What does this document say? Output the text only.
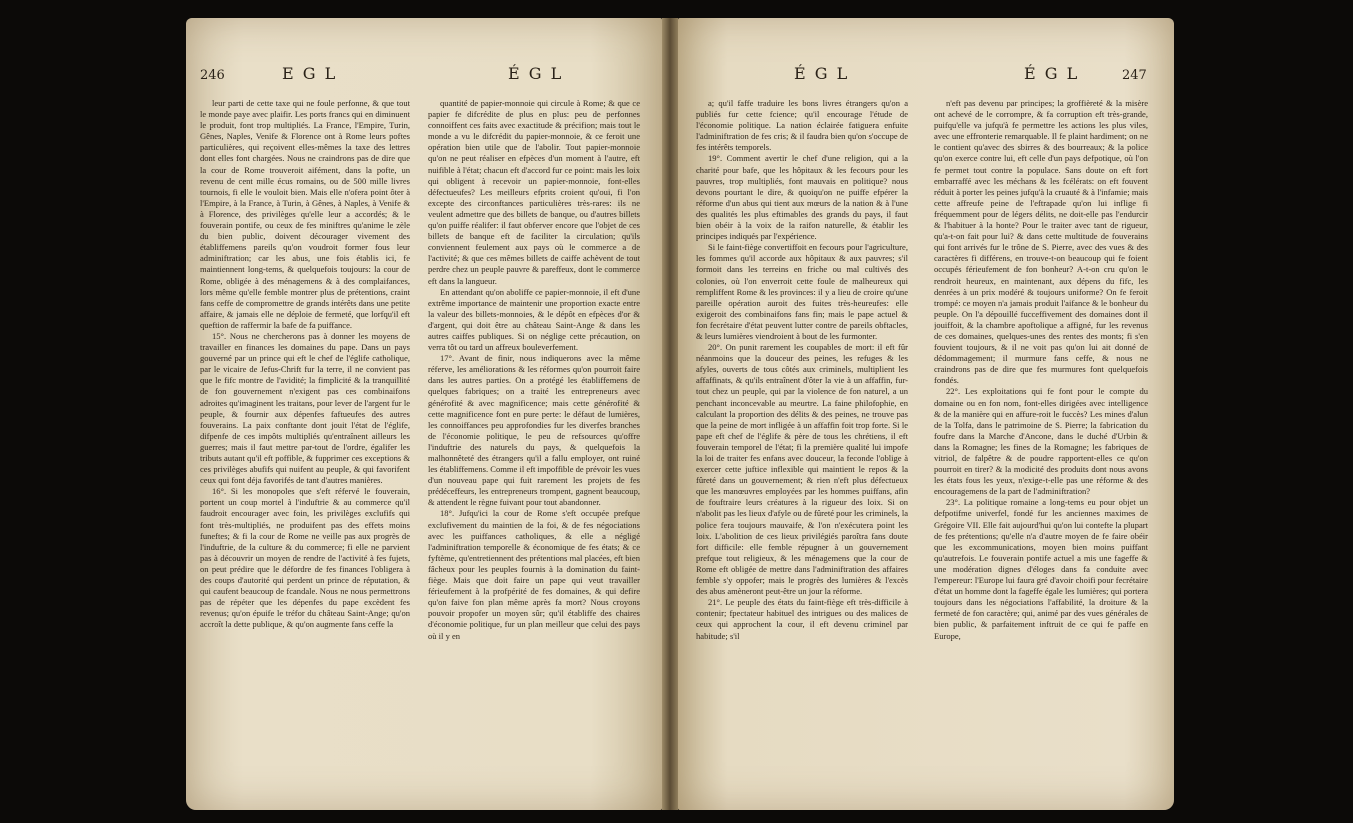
246	E G L	É G L

leur parti de cette taxe qui ne foule perfonne, & que tout le monde paye avec plaifir. Les ports francs qui en diminuent le produit, font trop multipliés. La France, l'Empire, Turin, Gênes, Naples, Venife & Florence ont à Rome leurs poftes particulières, qui reçoivent elles-mêmes la taxe des lettres dont elles font chargées. Nous ne craindrons pas de dire que la cour de Rome trouveroit aifément, dans la pofte, un revenu de cent mille écus romains, ou de 500 mille livres tournois, fi elle le vouloit bien. Mais elle n'ofera point ôter à l'Empire, à la France, à Turin, à Gênes, à Naples, à Venife & à Florence, des privilèges qu'elle leur a accordés; & le fouverain pontife, ou ceux de fes miniftres qu'anime le zèle du bien public, doivent décourager vivement des établiffemens pareils qu'on voudroit former fous leur adminiftration; car les abus, une fois établis ici, fe maintiennent long-tems, & quelquefois toujours: la cour de Rome, obligée à des ménagemens & à des complaifances, lors même qu'elle femble montrer plus de prétentions, craint fans ceffe de compromettre de grands intérêts dans une petite affaire, & jamais elle ne déploie de fermeté, que lorfqu'il eft queftion de raffermir la bafe de fa puiffance.

15°. Nous ne chercherons pas à donner les moyens de travailler en finances les domaines du pape. Dans un pays gouverné par un prince qui eft le chef de l'églife catholique, par le vicaire de Jefus-Chrift fur la terre, il ne convient pas que le fifc montre de l'avidité; la fimplicité & la tranquillité de fon gouvernement n'exigent pas ces combinaifons adroites qu'imaginent les traitans, pour lever de l'argent fur le peuple, & fournir aux dépenfes faftueufes des autres fouverains. La paix conftante dont jouit l'état de l'églife, difpenfe de ces impôts multipliés qu'entraînent ailleurs les guerres; mais il faut mettre par-tout de l'ordre, égalifer les tributs autant qu'il eft poffible, & fupprimer ces exceptions & ces privilèges abufifs qui nuifent au peuple, & qui favorifent ceux qui font déja favorifés de tant d'autres manières.

16°. Si les monopoles que s'eft réfervé le fouverain, portent un coup mortel à l'induftrie & au commerce qu'il faudroit encourager avec foin, les privilèges exclufifs qui font très-multipliés, ne produifent pas des effets moins funeftes; & fi la cour de Rome ne veille pas aux progrès de l'induftrie, de la culture & du commerce; fi elle ne parvient pas à découvrir un moyen de rendre de l'activité à fes fujets, on peut prédire que le défordre de fes finances l'obligera à des coups d'autorité qui perdent un prince de réputation, & qui caufent beaucoup de fcandale. Nous ne nous permettrons pas de répéter que les dépenfes du pape excèdent fes revenus; qu'on épuife le tréfor du château Saint-Ange; qu'on accroît la dette publique, & qu'on augmente fans ceffe la

quantité de papier-monnoie qui circule à Rome; & que ce papier fe difcrédite de plus en plus: peu de perfonnes connoiffent ces faits avec exactitude & précifion; mais tout le monde a vu le difcrédit du papier-monnoie, & ce feroit une opération bien utile que de l'abolir. Tout papier-monnoie qu'on ne peut réaliser en efpèces d'un moment à l'autre, eft nuifible à l'état; chacun eft d'accord fur ce point: mais les loix qui obligent à recevoir un papier-monnoie, font-elles défectueufes? Les meilleurs efprits croient qu'oui, fi l'on excepte des circonftances particulières très-rares: ils ne veulent admettre que des billets de banque, ou d'autres billets qu'on puiffe réalifer: il faut obferver encore que l'objet de ces billets de banque eft de faciliter la circulation; qu'ils conviennent feulement aux pays où le commerce a de l'activité; & que ces mêmes billets de caiffe achèvent de tout perdre chez un peuple pauvre & pareffeux, dont le commerce eft dans la langueur.

En attendant qu'on aboliffe ce papier-monnoie, il eft d'une extrême importance de maintenir une proportion exacte entre la valeur des billets-monnoies, & le dépôt en efpèces d'or & d'argent, qui doit être au château Saint-Ange & dans les autres caiffes publiques. Si on néglige cette précaution, on verra tôt ou tard un affreux bouleverfement.

17°. Avant de finir, nous indiquerons avec la même réferve, les améliorations & les réformes qu'on pourroit faire dans les autres parties. On a protégé les établiffemens de quelques fabriques; on a traité les entrepreneurs avec générofité & avec magnificence; mais cette générofité & cette magnificence font en pure perte: le défaut de lumières, les connoiffances peu approfondies fur les diverfes branches de l'économie politique, le peu de refsources qu'offre l'induftrie des naturels du pays, & quelquefois la malhonnêteté des étrangers qu'il a fallu employer, ont ruiné les établiffemens. Comme il eft impoffible de prévoir les vues d'un nouveau pape qui fuit rarement les projets de fes prédéceffeurs, les entrepreneurs trompent, gagnent beaucoup, & attendent le règne fuivant pour tout abandonner.

18°. Jufqu'ici la cour de Rome s'eft occupée prefque exclufivement du maintien de la foi, & de fes négociations avec les puiffances catholiques, & elle a négligé l'adminiftration temporelle & économique de fes états; & ce fyftème, qu'entretiennent des prétentions mal placées, eft bien fâcheux pour les peuples fournis à la domination du faint-fiège. Mais que doit faire un pape qui veut travailler férieufement à la profpérité de fes domaines, & qui defire qu'on faive fon plan même après fa mort? Nous croyons pouvoir propofer un moyen sûr; qu'il établiffe des chaires d'économie politique, fur un plan meilleur que celui des pays où il y en

É G L	É G L	247

a; qu'il faffe traduire les bons livres étrangers qu'on a publiés fur cette fcience; qu'il encourage l'étude de l'économie politique. La nation éclairée fatiguera enfuite l'adminiftration de fes cris; & il faudra bien qu'on s'occupe de fes intérêts temporels.

19°. Comment avertir le chef d'une religion, qui a la charité pour bafe, que les hôpitaux & les fecours pour les pauvres, trop multipliés, font mauvais en politique? nous devons pourtant le dire, & quoiqu'on ne puiffe efpérer la réforme d'un abus qui tient aux mœurs de la nation & à l'une des qualités les plus eftimables des grands du pays, il faut bien obéir à la voix de la raifon naturelle, & établir les principes indiqués par l'expérience.

Si le faint-fiège convertiffoit en fecours pour l'agriculture, les fommes qu'il accorde aux hôpitaux & aux pauvres; s'il formoit dans les terreins en friche ou mal cultivés des colonies, où l'on enverroit cette foule de malheureux qui rempliffent Rome & les provinces: il y a lieu de croire qu'une pareille opération auroit des fuites très-heureufes: elle exigeroit des combinaifons fans fin; mais le pape actuel & fon fecrétaire d'état peuvent lutter contre de pareils obftacles, & leurs lumières viendroient à bout de les furmonter.

20°. On punit rarement les coupables de mort: il eft fûr néanmoins que la douceur des peines, les refuges & les afyles, ouverts de tous côtés aux criminels, multiplient les affaffinats, & qu'ils entraînent d'ôter la vie à un affaffin, fur-tout chez un peuple, qui par la violence de fon naturel, a un penchant inconcevable au meurtre. La faine philofophie, en calculant la proportion des délits & des peines, ne trouve pas que la peine de mort infligée à un affaffin foit trop forte. Si le pape eft chef de l'églife & père de tous les chrétiens, il eft fouverain temporel de l'état; fi la première qualité lui impofe la loi de traiter fes enfans avec douceur, la feconde l'oblige à exercer cette juftice inflexible qui maintient le repos & la fûreté dans un gouvernement; & rien n'eft plus défectueux que les manœuvres employées par les hommes puiffans, afin de fouftraire leurs créatures à la rigueur des loix. Si on n'abolit pas les lieux d'afyle ou de fûreté pour les criminels, la police fera toujours mauvaife, & l'on n'exécutera point les loix. L'abolition de ces lieux privilégiés paroîtra fans doute fort difficile: elle femble répugner à un gouvernement prefque tout religieux, & les ménagemens que la cour de Rome eft obligée de mettre dans l'adminiftration des affaires femble s'y oppofer; mais le progrès des lumières & l'excès des abus amèneront peut-être un jour la réforme.

21°. Le peuple des états du faint-fiège eft très-difficile à contenir; fpectateur habituel des intrigues ou des malices de ceux qui approchent la cour, il eft devenu criminel par habitude; s'il

n'eft pas devenu par principes; la groffièreté & la misère ont achevé de le corrompre, & fa corruption eft très-grande, puifqu'elle va jufqu'à fe permettre les actions les plus viles, avec une effronterie remarquable. Il fe plaint hardiment; on ne le contient qu'avec des sbirres & des bourreaux; & la police qu'on exerce contre lui, eft celle d'un pays defpotique, où l'on fe permet tout contre la populace. Sans doute on eft fort embarraffé avec les méchans & les fcélérats: on eft fouvent réduit à porter les peines jufqu'à la cruauté & à l'infamie; mais cette affreufe peine de l'eftrapade qu'on lui inflige fi fréquemment pour de légers délits, ne doit-elle pas l'endurcir & l'habituer à la honte? Pour le traiter avec tant de rigueur, qu'a-t-on fait pour lui? & dans cette multitude de fouverains qui font arrivés fur le trône de S. Pierre, avec des vues & des caractères fi différens, en trouve-t-on beaucoup qui fe foient occupés férieufement de fon bonheur? A-t-on cru qu'on le rendroit heureux, en maintenant, aux dépens du fifc, les denrées à un prix modéré & toujours uniforme? On fe feroit trompé: ce moyen n'a jamais produit l'aifance & le bonheur du peuple. On l'a dépouillé fucceffivement des domaines dont il jouiffoit, & la chambre apoftolique a affigné, fur les revenus de ces domaines, quelques-unes des rentes des monts; fi s'en fouvient toujours, & il ne voit pas qu'on lui ait donné de dédommagement; il murmure fans ceffe, & nous ne craindrons pas de dire que fes murmures font quelquefois fondés.

22°. Les exploitations qui fe font pour le compte du domaine ou en fon nom, font-elles dirigées avec intelligence & de la manière qui en affure-roit le fuccès? Les mines d'alun de la Tolfa, dans le patrimoine de S. Pierre; la fabrication du foufre dans la Marche d'Ancone, dans le duché d'Urbin & dans la Romagne; les fines de la Romagne; les fabriques de vitriol, de falpêtre & de poudre rapportent-elles ce qu'on pourroit en tirer? & la modicité des produits dont nous avons les états fous les yeux, n'exige-t-elle pas une réforme & des encouragemens de la part de l'adminiftration?

23°. La politique romaine a long-tems eu pour objet un defpotifme univerfel, fondé fur les anciennes maximes de Grégoire VII. Elle fait aujourd'hui qu'on lui contefte la plupart de fes prétentions; qu'elle n'a d'autre moyen de fe faire obéir que les excommunications, moyen bien moins puiffant qu'autrefois. Le fouverain pontife actuel a mis une fageffe & une modération dignes d'éloges dans fa conduite avec l'empereur: l'Europe lui faura gré d'avoir choifi pour fecrétaire d'état un homme dont la fageffe égale les lumières; qui portera toujours dans les négociations l'affabilité, la droiture & la fermeté de fon caractère; qui, animé par des vues générales de bien public, & parfaitement inftruit de ce qui fe paffe en Europe,
